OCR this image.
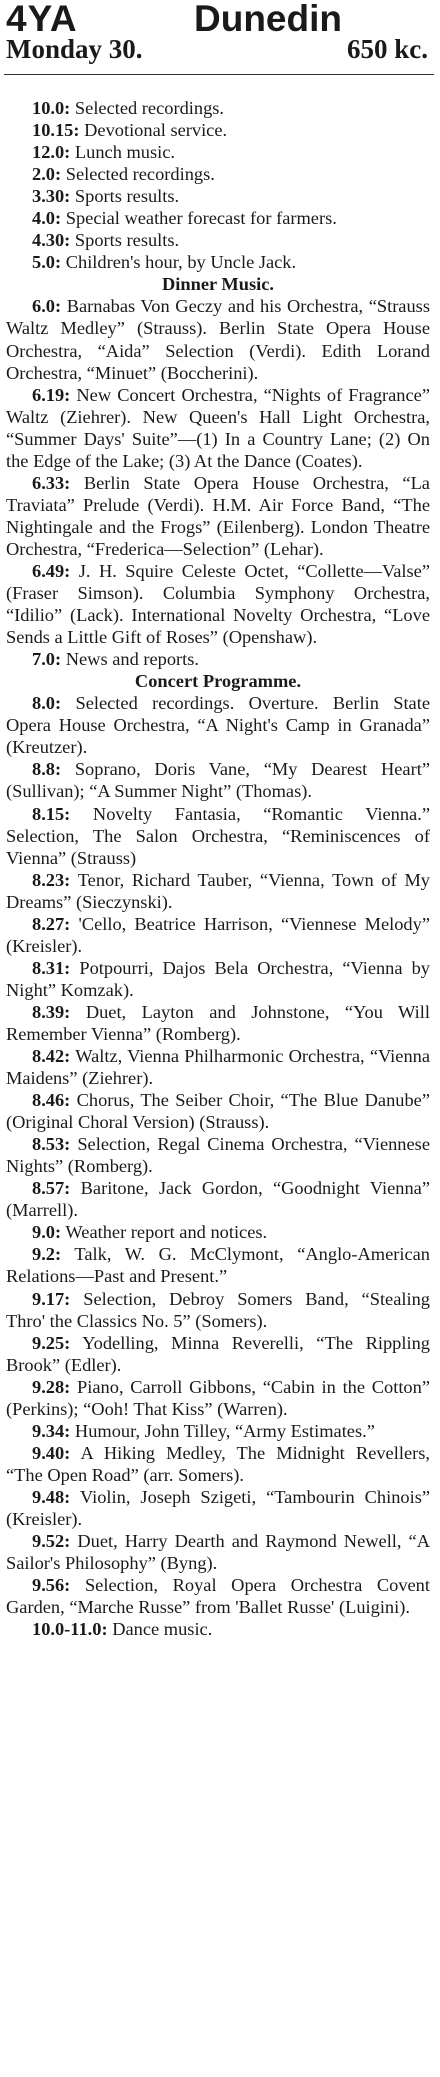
4YA	Dunedin
Monday 30.	650 kc.

10.0: Selected recordings.

10.15: Devotional service.

12.0: Lunch music.

2.0: Selected recordings.

3.30: Sports results.

4.0: Special weather forecast for farmers.

4.30: Sports results.

5.0: Children's hour, by Uncle Jack.

Dinner Music.

6.0: Barnabas Von Geczy and his Orchestra, “Strauss Waltz Medley” (Strauss). Berlin State Opera House Orchestra, “Aida” Selection (Verdi). Edith Lorand Orchestra, “Minuet” (Boccherini).

6.19: New Concert Orchestra, “Nights of Fragrance” Waltz (Ziehrer). New Queen's Hall Light Orchestra, “Summer Days' Suite”—(1) In a Country Lane; (2) On the Edge of the Lake; (3) At the Dance (Coates).

6.33: Berlin State Opera House Orchestra, “La Traviata” Prelude (Verdi). H.M. Air Force Band, “The Nightingale and the Frogs” (Eilenberg). London Theatre Orchestra, “Frederica—Selection” (Lehar).

6.49: J. H. Squire Celeste Octet, “Collette—Valse” (Fraser Simson). Columbia Symphony Orchestra, “Idilio” (Lack). International Novelty Orchestra, “Love Sends a Little Gift of Roses” (Openshaw).

7.0: News and reports.

Concert Programme.

8.0: Selected recordings. Overture. Berlin State Opera House Orchestra, “A Night's Camp in Granada” (Kreutzer).

8.8: Soprano, Doris Vane, “My Dearest Heart” (Sullivan); “A Summer Night” (Thomas).

8.15: Novelty Fantasia, “Romantic Vienna.” Selection, The Salon Orchestra, “Reminiscences of Vienna” (Strauss)

8.23: Tenor, Richard Tauber, “Vienna, Town of My Dreams” (Sieczynski).

8.27: 'Cello, Beatrice Harrison, “Viennese Melody” (Kreisler).

8.31: Potpourri, Dajos Bela Orchestra, “Vienna by Night” Komzak).

8.39: Duet, Layton and Johnstone, “You Will Remember Vienna” (Romberg).

8.42: Waltz, Vienna Philharmonic Orchestra, “Vienna Maidens” (Ziehrer).

8.46: Chorus, The Seiber Choir, “The Blue Danube” (Original Choral Version) (Strauss).

8.53: Selection, Regal Cinema Orchestra, “Viennese Nights” (Romberg).

8.57: Baritone, Jack Gordon, “Goodnight Vienna” (Marrell).

9.0: Weather report and notices.

9.2: Talk, W. G. McClymont, “Anglo-American Relations—Past and Present.”

9.17: Selection, Debroy Somers Band, “Stealing Thro' the Classics No. 5” (Somers).

9.25: Yodelling, Minna Reverelli, “The Rippling Brook” (Edler).

9.28: Piano, Carroll Gibbons, “Cabin in the Cotton” (Perkins); “Ooh! That Kiss” (Warren).

9.34: Humour, John Tilley, “Army Estimates.”

9.40: A Hiking Medley, The Midnight Revellers, “The Open Road” (arr. Somers).

9.48: Violin, Joseph Szigeti, “Tambourin Chinois” (Kreisler).

9.52: Duet, Harry Dearth and Raymond Newell, “A Sailor's Philosophy” (Byng).

9.56: Selection, Royal Opera Orchestra Covent Garden, “Marche Russe” from 'Ballet Russe' (Luigini).

10.0-11.0: Dance music.
